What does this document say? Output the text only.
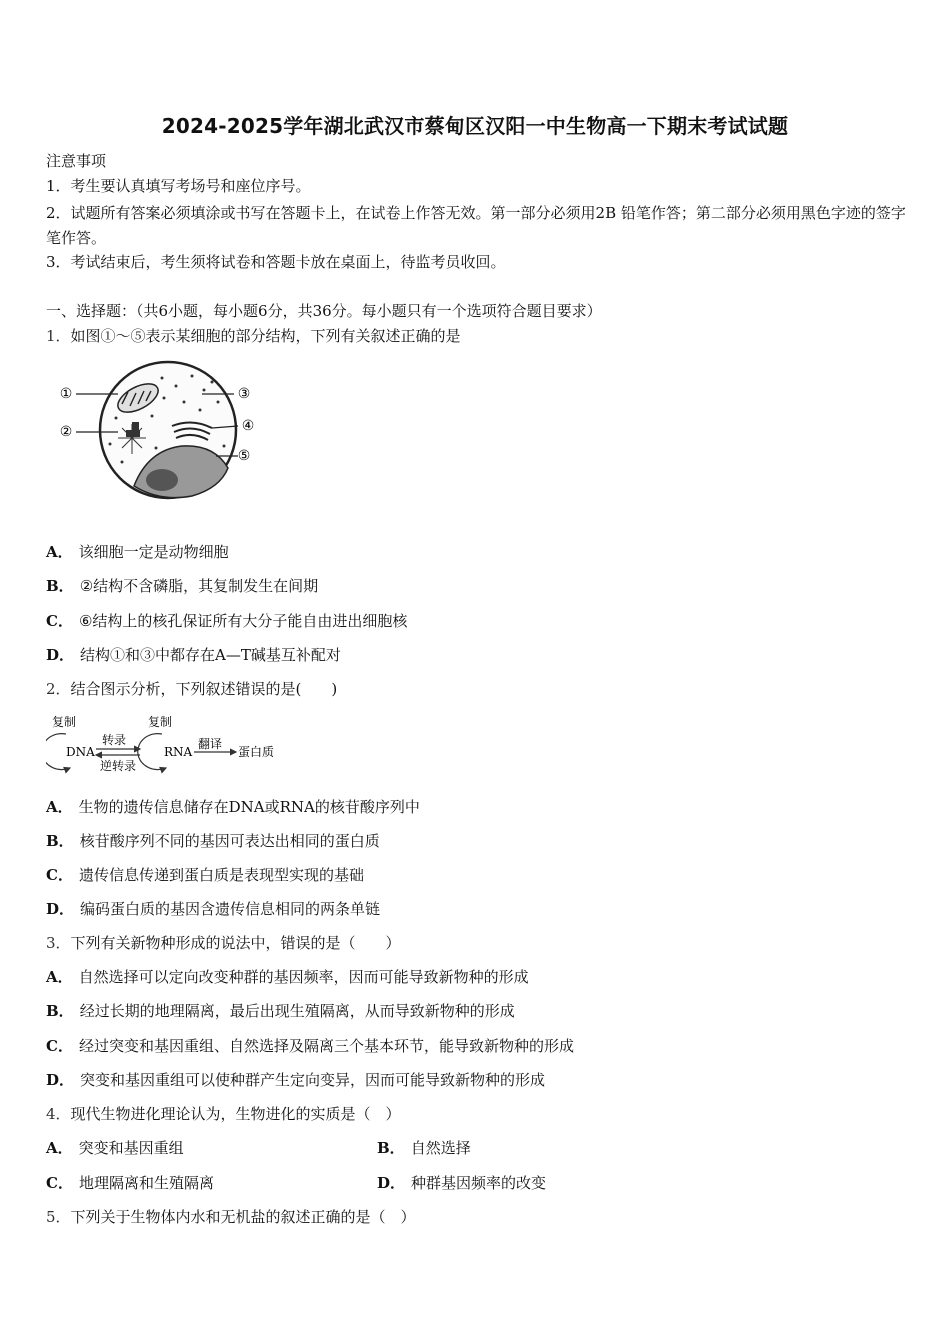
2024-2025学年湖北武汉市蔡甸区汉阳一中生物高一下期末考试试题
注意事项
1．考生要认真填写考场号和座位序号。
2．试题所有答案必须填涂或书写在答题卡上，在试卷上作答无效。第一部分必须用2B 铅笔作答；第二部分必须用黑色字迹的签字笔作答。
3．考试结束后，考生须将试卷和答题卡放在桌面上，待监考员收回。
一、选择题：（共6小题，每小题6分，共36分。每小题只有一个选项符合题目要求）
1．如图①～⑤表示某细胞的部分结构，下列有关叙述正确的是
①
②
③
④
⑤
A． 该细胞一定是动物细胞
B． ②结构不含磷脂，其复制发生在间期
C． ⑥结构上的核孔保证所有大分子能自由进出细胞核
D． 结构①和③中都存在A—T碱基互补配对
2．结合图示分析，下列叙述错误的是(　　)
复制
DNA
转录
逆转录
复制
RNA
翻译
蛋白质
A． 生物的遗传信息储存在DNA或RNA的核苷酸序列中
B． 核苷酸序列不同的基因可表达出相同的蛋白质
C． 遗传信息传递到蛋白质是表现型实现的基础
D． 编码蛋白质的基因含遗传信息相同的两条单链
3．下列有关新物种形成的说法中，错误的是（　　）
A． 自然选择可以定向改变种群的基因频率，因而可能导致新物种的形成
B． 经过长期的地理隔离，最后出现生殖隔离，从而导致新物种的形成
C． 经过突变和基因重组、自然选择及隔离三个基本环节，能导致新物种的形成
D． 突变和基因重组可以使种群产生定向变异，因而可能导致新物种的形成
4．现代生物进化理论认为，生物进化的实质是（　）
A． 突变和基因重组	B． 自然选择
C． 地理隔离和生殖隔离	D． 种群基因频率的改变
5．下列关于生物体内水和无机盐的叙述正确的是（　）
